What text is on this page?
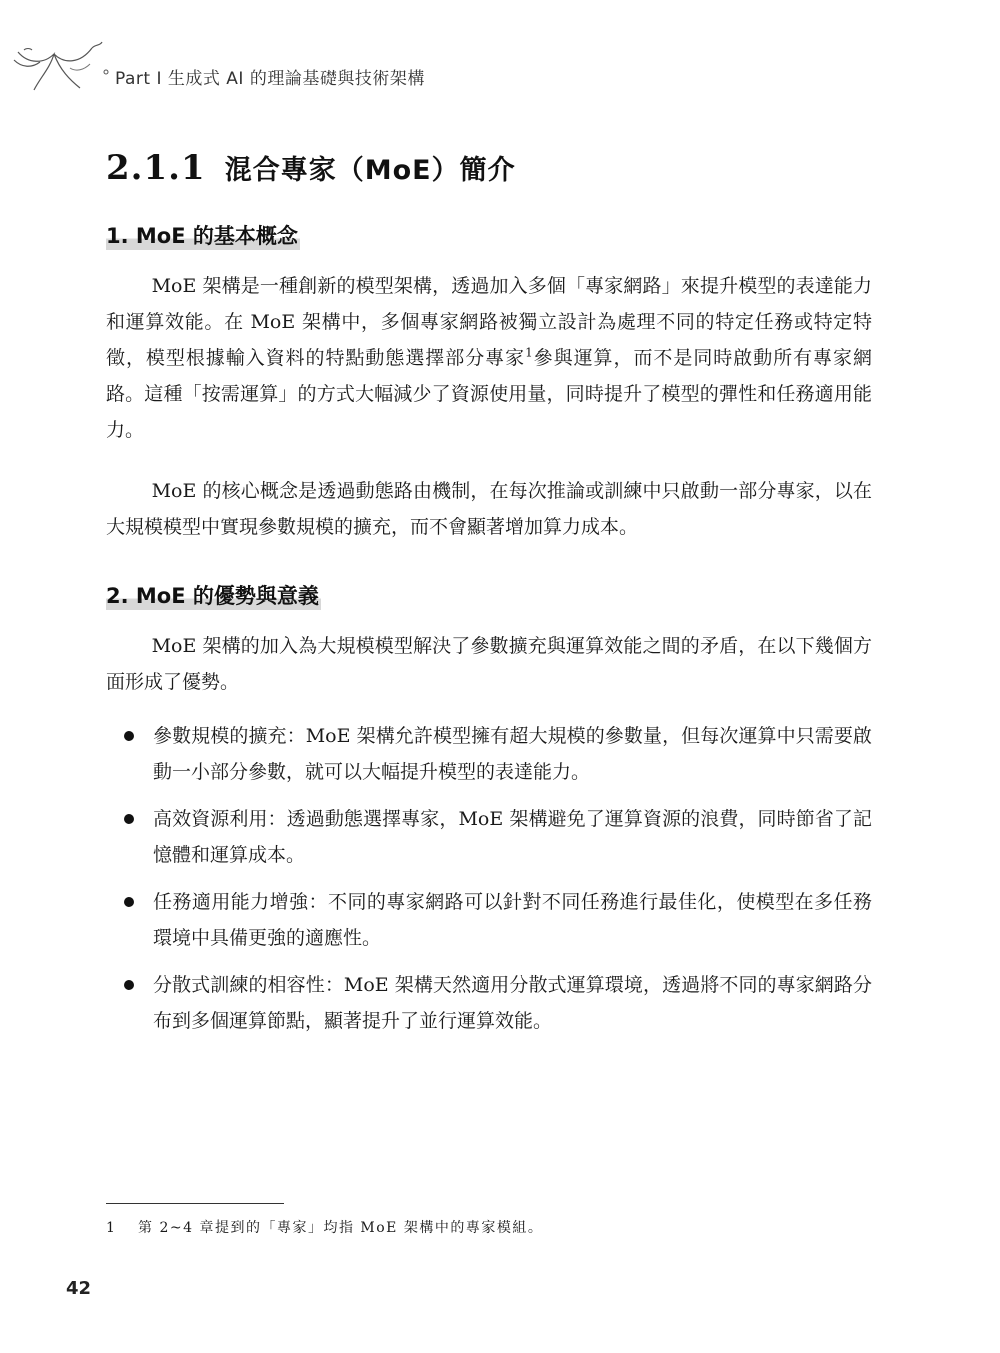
Part I 生成式 AI 的理論基礎與技術架構
2.1.1 混合專家（MoE）簡介
1. MoE 的基本概念

MoE 架構是一種創新的模型架構，透過加入多個「專家網路」來提升模型的表達能力和運算效能。在 MoE 架構中，多個專家網路被獨立設計為處理不同的特定任務或特定特徵，模型根據輸入資料的特點動態選擇部分專家$^1$參與運算，而不是同時啟動所有專家網路。這種「按需運算」的方式大幅減少了資源使用量，同時提升了模型的彈性和任務適用能力。

MoE 的核心概念是透過動態路由機制，在每次推論或訓練中只啟動一部分專家，以在大規模模型中實現參數規模的擴充，而不會顯著增加算力成本。

2. MoE 的優勢與意義

MoE 架構的加入為大規模模型解決了參數擴充與運算效能之間的矛盾，在以下幾個方面形成了優勢。

參數規模的擴充：MoE 架構允許模型擁有超大規模的參數量，但每次運算中只需要啟動一小部分參數，就可以大幅提升模型的表達能力。
高效資源利用：透過動態選擇專家，MoE 架構避免了運算資源的浪費，同時節省了記憶體和運算成本。
任務適用能力增強：不同的專家網路可以針對不同任務進行最佳化，使模型在多任務環境中具備更強的適應性。
分散式訓練的相容性：MoE 架構天然適用分散式運算環境，透過將不同的專家網路分布到多個運算節點，顯著提升了並行運算效能。
1 第 2~4 章提到的「專家」均指 MoE 架構中的專家模組。
42
